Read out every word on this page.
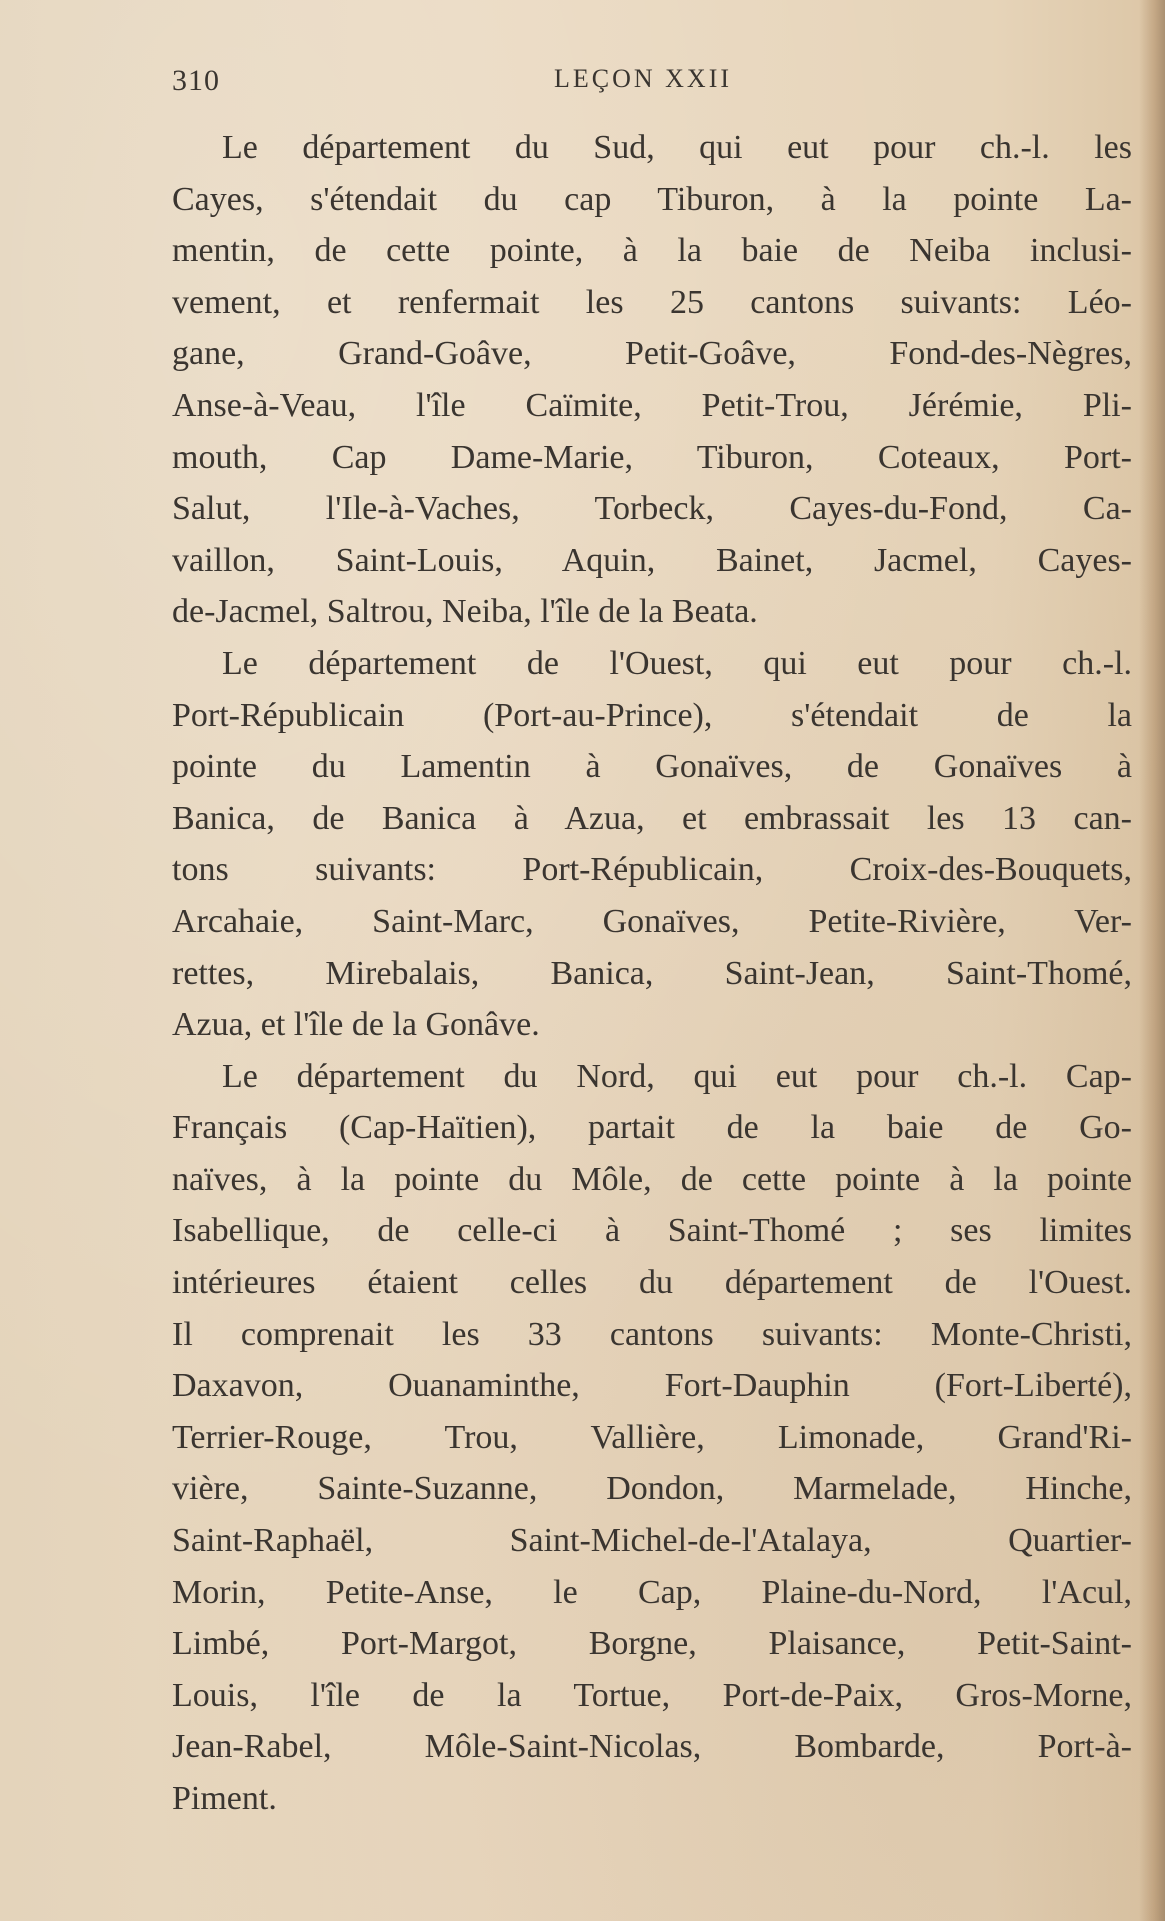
310	LEÇON XXII
Le département du Sud, qui eut pour ch.-l. les
Cayes, s'étendait du cap Tiburon, à la pointe La-
mentin, de cette pointe, à la baie de Neiba inclusi-
vement, et renfermait les 25 cantons suivants: Léo-
gane, Grand-Goâve, Petit-Goâve, Fond-des-Nègres,
Anse-à-Veau, l'île Caïmite, Petit-Trou, Jérémie, Pli-
mouth, Cap Dame-Marie, Tiburon, Coteaux, Port-
Salut, l'Ile-à-Vaches, Torbeck, Cayes-du-Fond, Ca-
vaillon, Saint-Louis, Aquin, Bainet, Jacmel, Cayes-
de-Jacmel, Saltrou, Neiba, l'île de la Beata.
Le département de l'Ouest, qui eut pour ch.-l.
Port-Républicain (Port-au-Prince), s'étendait de la
pointe du Lamentin à Gonaïves, de Gonaïves à
Banica, de Banica à Azua, et embrassait les 13 can-
tons suivants: Port-Républicain, Croix-des-Bouquets,
Arcahaie, Saint-Marc, Gonaïves, Petite-Rivière, Ver-
rettes, Mirebalais, Banica, Saint-Jean, Saint-Thomé,
Azua, et l'île de la Gonâve.
Le département du Nord, qui eut pour ch.-l. Cap-
Français (Cap-Haïtien), partait de la baie de Go-
naïves, à la pointe du Môle, de cette pointe à la pointe
Isabellique, de celle-ci à Saint-Thomé ; ses limites
intérieures étaient celles du département de l'Ouest.
Il comprenait les 33 cantons suivants: Monte-Christi,
Daxavon, Ouanaminthe, Fort-Dauphin (Fort-Liberté),
Terrier-Rouge, Trou, Vallière, Limonade, Grand'Ri-
vière, Sainte-Suzanne, Dondon, Marmelade, Hinche,
Saint-Raphaël, Saint-Michel-de-l'Atalaya, Quartier-
Morin, Petite-Anse, le Cap, Plaine-du-Nord, l'Acul,
Limbé, Port-Margot, Borgne, Plaisance, Petit-Saint-
Louis, l'île de la Tortue, Port-de-Paix, Gros-Morne,
Jean-Rabel, Môle-Saint-Nicolas, Bombarde, Port-à-
Piment.
